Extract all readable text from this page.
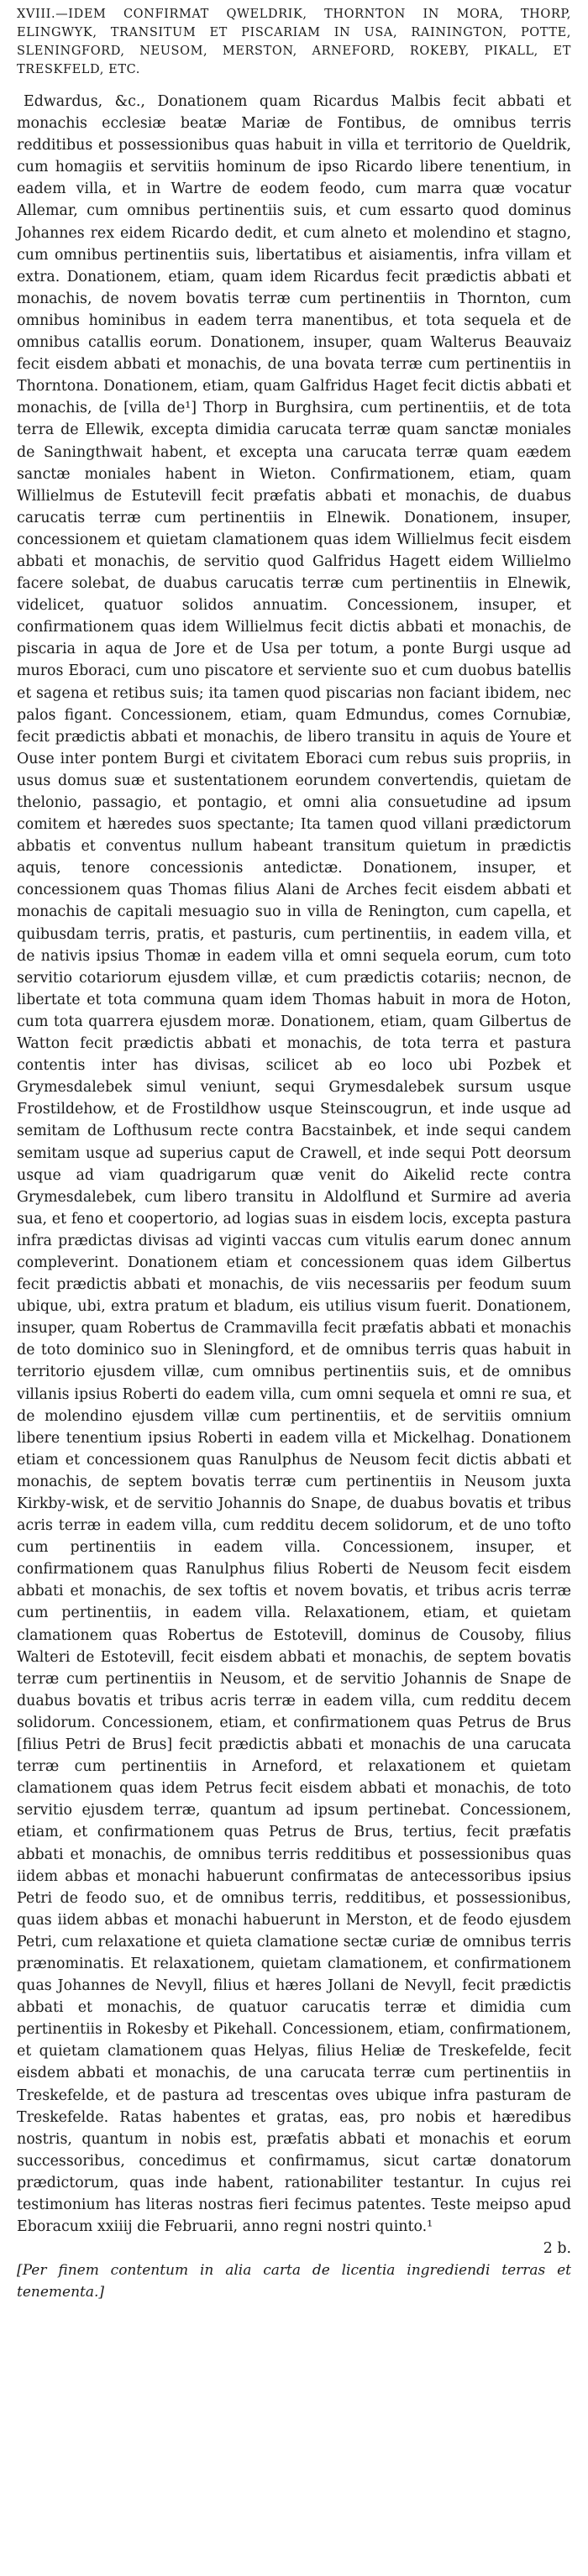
XVIII.—IDEM CONFIRMAT QWELDRIK, THORNTON IN MORA, THORP, ELINGWYK, TRANSITUM ET PISCARIAM IN USA, RAININGTON, POTTE, SLENINGFORD, NEUSOM, MERSTON, ARNEFORD, ROKEBY, PIKALL, ET TRESKFELD, ETC.

Edwardus, &c., Donationem quam Ricardus Malbis fecit abbati et monachis ecclesiæ beatæ Mariæ de Fontibus, de omnibus terris redditibus et possessionibus quas habuit in villa et territorio de Queldrik, cum homagiis et servitiis hominum de ipso Ricardo libere tenentium, in eadem villa, et in Wartre de eodem feodo, cum marra quæ vocatur Allemar, cum omnibus pertinentiis suis, et cum essarto quod dominus Johannes rex eidem Ricardo dedit, et cum alneto et molendino et stagno, cum omnibus pertinentiis suis, libertatibus et aisiamentis, infra villam et extra. Donationem, etiam, quam idem Ricardus fecit prædictis abbati et monachis, de novem bovatis terræ cum pertinentiis in Thornton, cum omnibus hominibus in eadem terra manentibus, et tota sequela et de omnibus catallis eorum. Donationem, insuper, quam Walterus Beauvaiz fecit eisdem abbati et monachis, de una bovata terræ cum pertinentiis in Thorntona. Donationem, etiam, quam Galfridus Haget fecit dictis abbati et monachis, de [villa de¹] Thorp in Burghsira, cum pertinentiis, et de tota terra de Ellewik, excepta dimidia carucata terræ quam sanctæ moniales de Saningthwait habent, et excepta una carucata terræ quam eædem sanctæ moniales habent in Wieton. Confirmationem, etiam, quam Willielmus de Estutevill fecit præfatis abbati et monachis, de duabus carucatis terræ cum pertinentiis in Elnewik. Donationem, insuper, concessionem et quietam clamationem quas idem Willielmus fecit eisdem abbati et monachis, de servitio quod Galfridus Hagett eidem Willielmo facere solebat, de duabus carucatis terræ cum pertinentiis in Elnewik, videlicet, quatuor solidos annuatim. Concessionem, insuper, et confirmationem quas idem Willielmus fecit dictis abbati et monachis, de piscaria in aqua de Jore et de Usa per totum, a ponte Burgi usque ad muros Eboraci, cum uno piscatore et serviente suo et cum duobus batellis et sagena et retibus suis; ita tamen quod piscarias non faciant ibidem, nec palos figant. Concessionem, etiam, quam Edmundus, comes Cornubiæ, fecit prædictis abbati et monachis, de libero transitu in aquis de Youre et Ouse inter pontem Burgi et civitatem Eboraci cum rebus suis propriis, in usus domus suæ et sustentationem eorundem convertendis, quietam de thelonio, passagio, et pontagio, et omni alia consuetudine ad ipsum comitem et hæredes suos spectante; Ita tamen quod villani prædictorum abbatis et conventus nullum habeant transitum quietum in prædictis aquis, tenore concessionis antedictæ. Donationem, insuper, et concessionem quas Thomas filius Alani de Arches fecit eisdem abbati et monachis de capitali mesuagio suo in villa de Renington, cum capella, et quibusdam terris, pratis, et pasturis, cum pertinentiis, in eadem villa, et de nativis ipsius Thomæ in eadem villa et omni sequela eorum, cum toto servitio cotariorum ejusdem villæ, et cum prædictis cotariis; necnon, de libertate et tota communa quam idem Thomas habuit in mora de Hoton, cum tota quarrera ejusdem moræ. Donationem, etiam, quam Gilbertus de Watton fecit prædictis abbati et monachis, de tota terra et pastura contentis inter has divisas, scilicet ab eo loco ubi Pozbek et Grymesdalebek simul veniunt, sequi Grymesdalebek sursum usque Frostildehow, et de Frostildhow usque Steinscougrun, et inde usque ad semitam de Lofthusum recte contra Bacstainbek, et inde sequi candem semitam usque ad superius caput de Crawell, et inde sequi Pott deorsum usque ad viam quadrigarum quæ venit do Aikelid recte contra Grymesdalebek, cum libero transitu in Aldolflund et Surmire ad averia sua, et feno et coopertorio, ad logias suas in eisdem locis, excepta pastura infra prædictas divisas ad viginti vaccas cum vitulis earum donec annum compleverint. Donationem etiam et concessionem quas idem Gilbertus fecit prædictis abbati et monachis, de viis necessariis per feodum suum ubique, ubi, extra pratum et bladum, eis utilius visum fuerit. Donationem, insuper, quam Robertus de Crammavilla fecit præfatis abbati et monachis de toto dominico suo in Sleningford, et de omnibus terris quas habuit in territorio ejusdem villæ, cum omnibus pertinentiis suis, et de omnibus villanis ipsius Roberti do eadem villa, cum omni sequela et omni re sua, et de molendino ejusdem villæ cum pertinentiis, et de servitiis omnium libere tenentium ipsius Roberti in eadem villa et Mickelhag. Donationem etiam et concessionem quas Ranulphus de Neusom fecit dictis abbati et monachis, de septem bovatis terræ cum pertinentiis in Neusom juxta Kirkby-wisk, et de servitio Johannis do Snape, de duabus bovatis et tribus acris terræ in eadem villa, cum redditu decem solidorum, et de uno tofto cum pertinentiis in eadem villa. Concessionem, insuper, et confirmationem quas Ranulphus filius Roberti de Neusom fecit eisdem abbati et monachis, de sex toftis et novem bovatis, et tribus acris terræ cum pertinentiis, in eadem villa. Relaxationem, etiam, et quietam clamationem quas Robertus de Estotevill, dominus de Cousoby, filius Walteri de Estotevill, fecit eisdem abbati et monachis, de septem bovatis terræ cum pertinentiis in Neusom, et de servitio Johannis de Snape de duabus bovatis et tribus acris terræ in eadem villa, cum redditu decem solidorum. Concessionem, etiam, et confirmationem quas Petrus de Brus [filius Petri de Brus] fecit prædictis abbati et monachis de una carucata terræ cum pertinentiis in Arneford, et relaxationem et quietam clamationem quas idem Petrus fecit eisdem abbati et monachis, de toto servitio ejusdem terræ, quantum ad ipsum pertinebat. Concessionem, etiam, et confirmationem quas Petrus de Brus, tertius, fecit præfatis abbati et monachis, de omnibus terris redditibus et possessionibus quas iidem abbas et monachi habuerunt confirmatas de antecessoribus ipsius Petri de feodo suo, et de omnibus terris, redditibus, et possessionibus, quas iidem abbas et monachi habuerunt in Merston, et de feodo ejusdem Petri, cum relaxatione et quieta clamatione sectæ curiæ de omnibus terris prænominatis. Et relaxationem, quietam clamationem, et confirmationem quas Johannes de Nevyll, filius et hæres Jollani de Nevyll, fecit prædictis abbati et monachis, de quatuor carucatis terræ et dimidia cum pertinentiis in Rokesby et Pikehall. Concessionem, etiam, confirmationem, et quietam clamationem quas Helyas, filius Heliæ de Treskefelde, fecit eisdem abbati et monachis, de una carucata terræ cum pertinentiis in Treskefelde, et de pastura ad trescentas oves ubique infra pasturam de Treskefelde. Ratas habentes et gratas, eas, pro nobis et hæredibus nostris, quantum in nobis est, præfatis abbati et monachis et eorum successoribus, concedimus et confirmamus, sicut cartæ donatorum prædictorum, quas inde habent, rationabiliter testantur. In cujus rei testimonium has literas nostras fieri fecimus patentes. Teste meipso apud Eboracum xxiiij die Februarii, anno regni nostri quinto.¹

2 b.

[Per finem contentum in alia carta de licentia ingrediendi terras et tenementa.]
